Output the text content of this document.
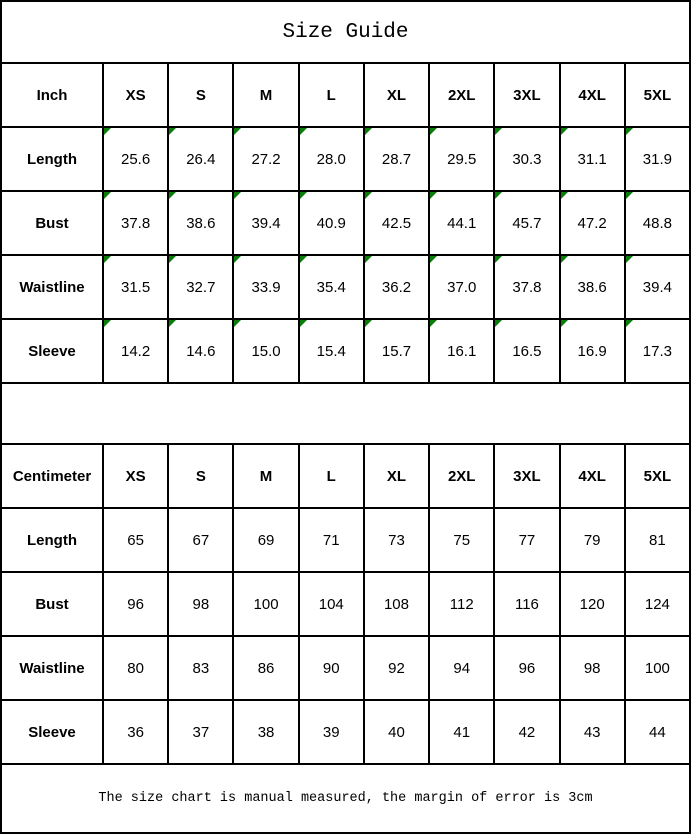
Size Guide
Inch	XS	S	M	L	XL	2XL	3XL	4XL	5XL
Length	25.6 26.4 27.2 28.0 28.7 29.5 30.3 31.1 31.9
Bust	37.8 38.6 39.4 40.9 42.5 44.1 45.7 47.2 48.8
Waistline 31.5 32.7 33.9 35.4 36.2 37.0 37.8 38.6 39.4
Sleeve	14.2 14.6 15.0 15.4 15.7 16.1 16.5 16.9 17.3
Centimeter XS	S	M	L	XL	2XL	3XL	4XL	5XL
Length	65	67	69	71	73	75	77	79	81
Bust	96	98	100	104	108	112	116	120	124
Waistline	80	83	86	90	92	94	96	98	100
Sleeve	36	37	38	39	40	41	42	43	44
The size chart is manual measured, the margin of error is 3cm
